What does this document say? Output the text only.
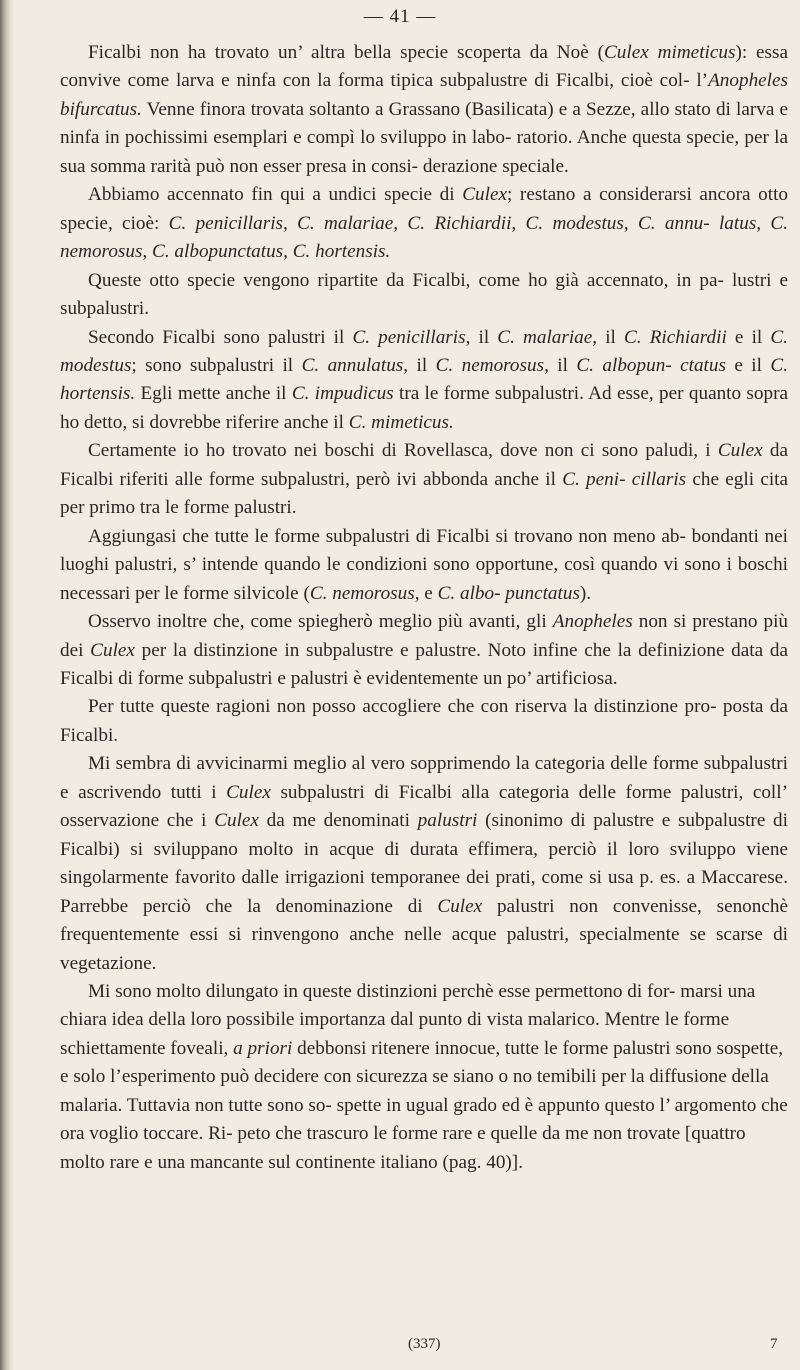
— 41 —

Ficalbi non ha trovato un’ altra bella specie scoperta da Noè (Culex mimeticus): essa convive come larva e ninfa con la forma tipica subpalustre di Ficalbi, cioè col- l’Anopheles bifurcatus. Venne finora trovata soltanto a Grassano (Basilicata) e a Sezze, allo stato di larva e ninfa in pochissimi esemplari e compì lo sviluppo in labo- ratorio. Anche questa specie, per la sua somma rarità può non esser presa in consi- derazione speciale.

Abbiamo accennato fin qui a undici specie di Culex; restano a considerarsi ancora otto specie, cioè: C. penicillaris, C. malariae, C. Richiardii, C. modestus, C. annu- latus, C. nemorosus, C. albopunctatus, C. hortensis.

Queste otto specie vengono ripartite da Ficalbi, come ho già accennato, in pa- lustri e subpalustri.

Secondo Ficalbi sono palustri il C. penicillaris, il C. malariae, il C. Richiardii e il C. modestus; sono subpalustri il C. annulatus, il C. nemorosus, il C. albopun- ctatus e il C. hortensis. Egli mette anche il C. impudicus tra le forme subpalustri. Ad esse, per quanto sopra ho detto, si dovrebbe riferire anche il C. mimeticus.

Certamente io ho trovato nei boschi di Rovellasca, dove non ci sono paludi, i Culex da Ficalbi riferiti alle forme subpalustri, però ivi abbonda anche il C. peni- cillaris che egli cita per primo tra le forme palustri.

Aggiungasi che tutte le forme subpalustri di Ficalbi si trovano non meno ab- bondanti nei luoghi palustri, s’ intende quando le condizioni sono opportune, così quando vi sono i boschi necessari per le forme silvicole (C. nemorosus, e C. albo- punctatus).

Osservo inoltre che, come spiegherò meglio più avanti, gli Anopheles non si prestano più dei Culex per la distinzione in subpalustre e palustre. Noto infine che la definizione data da Ficalbi di forme subpalustri e palustri è evidentemente un po’ artificiosa.

Per tutte queste ragioni non posso accogliere che con riserva la distinzione pro- posta da Ficalbi.

Mi sembra di avvicinarmi meglio al vero sopprimendo la categoria delle forme subpalustri e ascrivendo tutti i Culex subpalustri di Ficalbi alla categoria delle forme palustri, coll’ osservazione che i Culex da me denominati palustri (sinonimo di palustre e subpalustre di Ficalbi) si sviluppano molto in acque di durata effimera, perciò il loro sviluppo viene singolarmente favorito dalle irrigazioni temporanee dei prati, come si usa p. es. a Maccarese. Parrebbe perciò che la denominazione di Culex palustri non convenisse, senonchè frequentemente essi si rinvengono anche nelle acque palustri, specialmente se scarse di vegetazione.

Mi sono molto dilungato in queste distinzioni perchè esse permettono di for- marsi una chiara idea della loro possibile importanza dal punto di vista malarico. Mentre le forme schiettamente foveali, a priori debbonsi ritenere innocue, tutte le forme palustri sono sospette, e solo l’esperimento può decidere con sicurezza se siano o no temibili per la diffusione della malaria. Tuttavia non tutte sono so- spette in ugual grado ed è appunto questo l’ argomento che ora voglio toccare. Ri- peto che trascuro le forme rare e quelle da me non trovate [quattro molto rare e una mancante sul continente italiano (pag. 40)].

(337)	7
